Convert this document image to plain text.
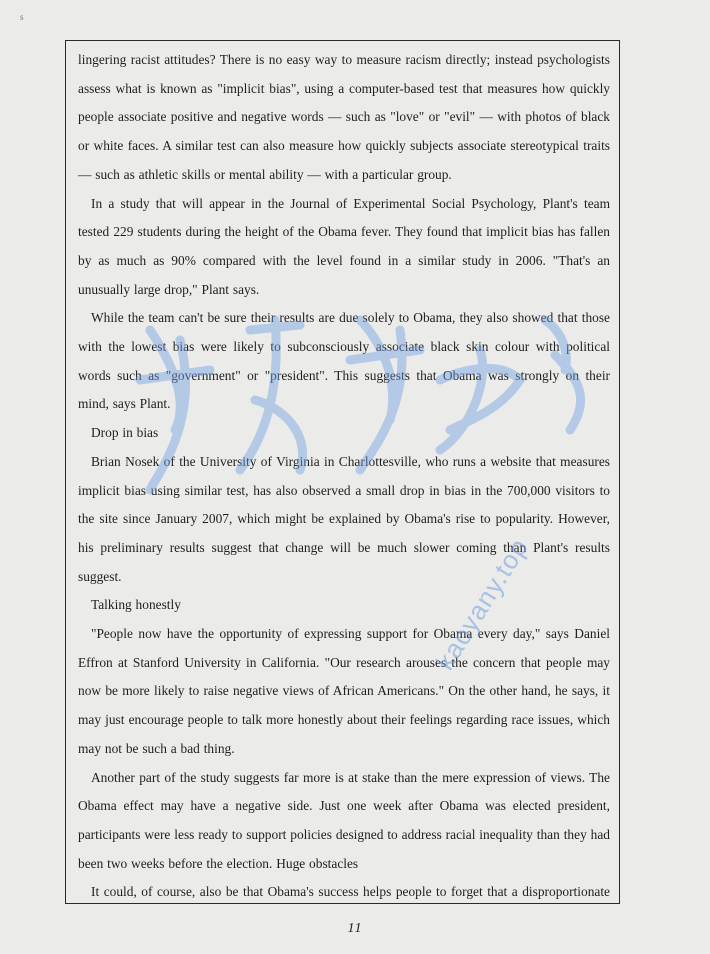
s

lingering racist attitudes? There is no easy way to measure racism directly; instead psychologists assess what is known as "implicit bias", using a computer-based test that measures how quickly people associate positive and negative words — such as "love" or "evil" — with photos of black or white faces. A similar test can also measure how quickly subjects associate stereotypical traits — such as athletic skills or mental ability — with a particular group.

In a study that will appear in the Journal of Experimental Social Psychology, Plant's team tested 229 students during the height of the Obama fever. They found that implicit bias has fallen by as much as 90% compared with the level found in a similar study in 2006. "That's an unusually large drop," Plant says.

While the team can't be sure their results are due solely to Obama, they also showed that those with the lowest bias were likely to subconsciously associate black skin colour with political words such as "government" or "president". This suggests that Obama was strongly on their mind, says Plant.

Drop in bias

Brian Nosek of the University of Virginia in Charlottesville, who runs a website that measures implicit bias using similar test, has also observed a small drop in bias in the 700,000 visitors to the site since January 2007, which might be explained by Obama's rise to popularity. However, his preliminary results suggest that change will be much slower coming than Plant's results suggest.

Talking honestly

"People now have the opportunity of expressing support for Obama every day," says Daniel Effron at Stanford University in California. "Our research arouses the concern that people may now be more likely to raise negative views of African Americans." On the other hand, he says, it may just encourage people to talk more honestly about their feelings regarding race issues, which may not be such a bad thing.

Another part of the study suggests far more is at stake than the mere expression of views. The Obama effect may have a negative side. Just one week after Obama was elected president, participants were less ready to support policies designed to address racial inequality than they had been two weeks before the election. Huge obstacles

It could, of course, also be that Obama's success helps people to forget that a disproportionate

11
kaoyany.top
